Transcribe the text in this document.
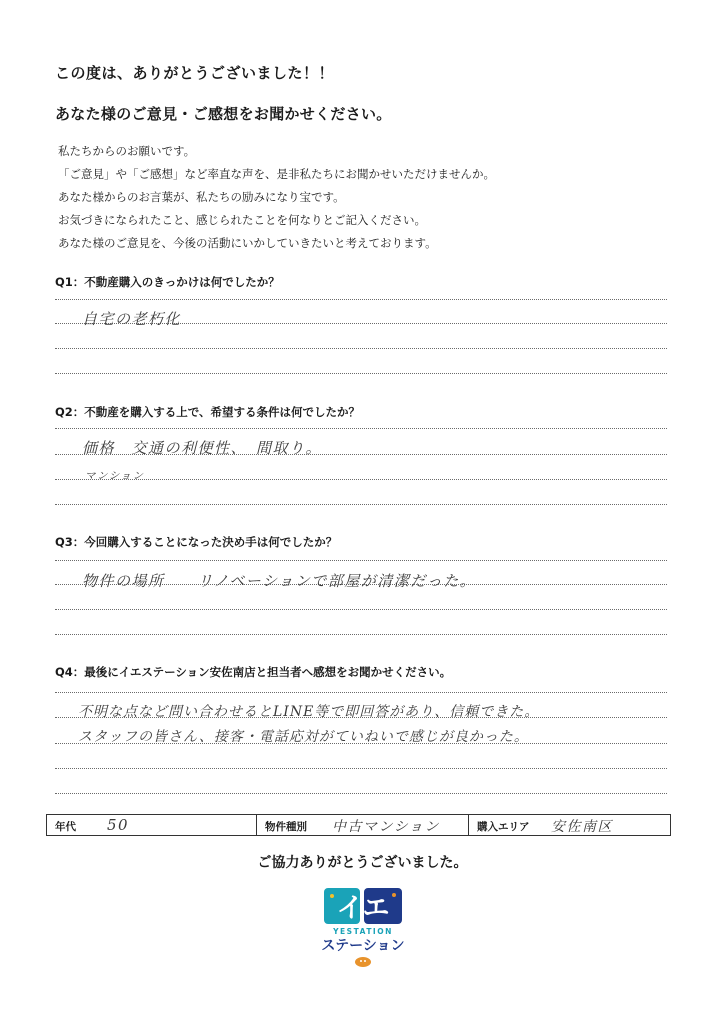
この度は、ありがとうございました！！
あなた様のご意見・ご感想をお聞かせください。
私たちからのお願いです。
「ご意見」や「ご感想」など率直な声を、是非私たちにお聞かせいただけませんか。
あなた様からのお言葉が、私たちの励みになり宝です。
お気づきになられたこと、感じられたことを何なりとご記入ください。
あなた様のご意見を、今後の活動にいかしていきたいと考えております。
Q1：不動産購入のきっかけは何でしたか？
自宅の老朽化
Q2：不動産を購入する上で、希望する条件は何でしたか？
価格　交通の利便性、　間取り。
マンション
Q3：今回購入することになった決め手は何でしたか？
物件の場所　　リノベーションで部屋が清潔だった。
Q4：最後にイエステーション安佐南店と担当者へ感想をお聞かせください。
不明な点など問い合わせるとLINE等で即回答があり、信頼できた。
スタッフの皆さん、接客・電話応対がていねいで感じが良かった。
年代 50	物件種別 中古マンション	購入エリア 安佐南区
ご協力ありがとうございました。
イエ
YESTATION
ステーション
